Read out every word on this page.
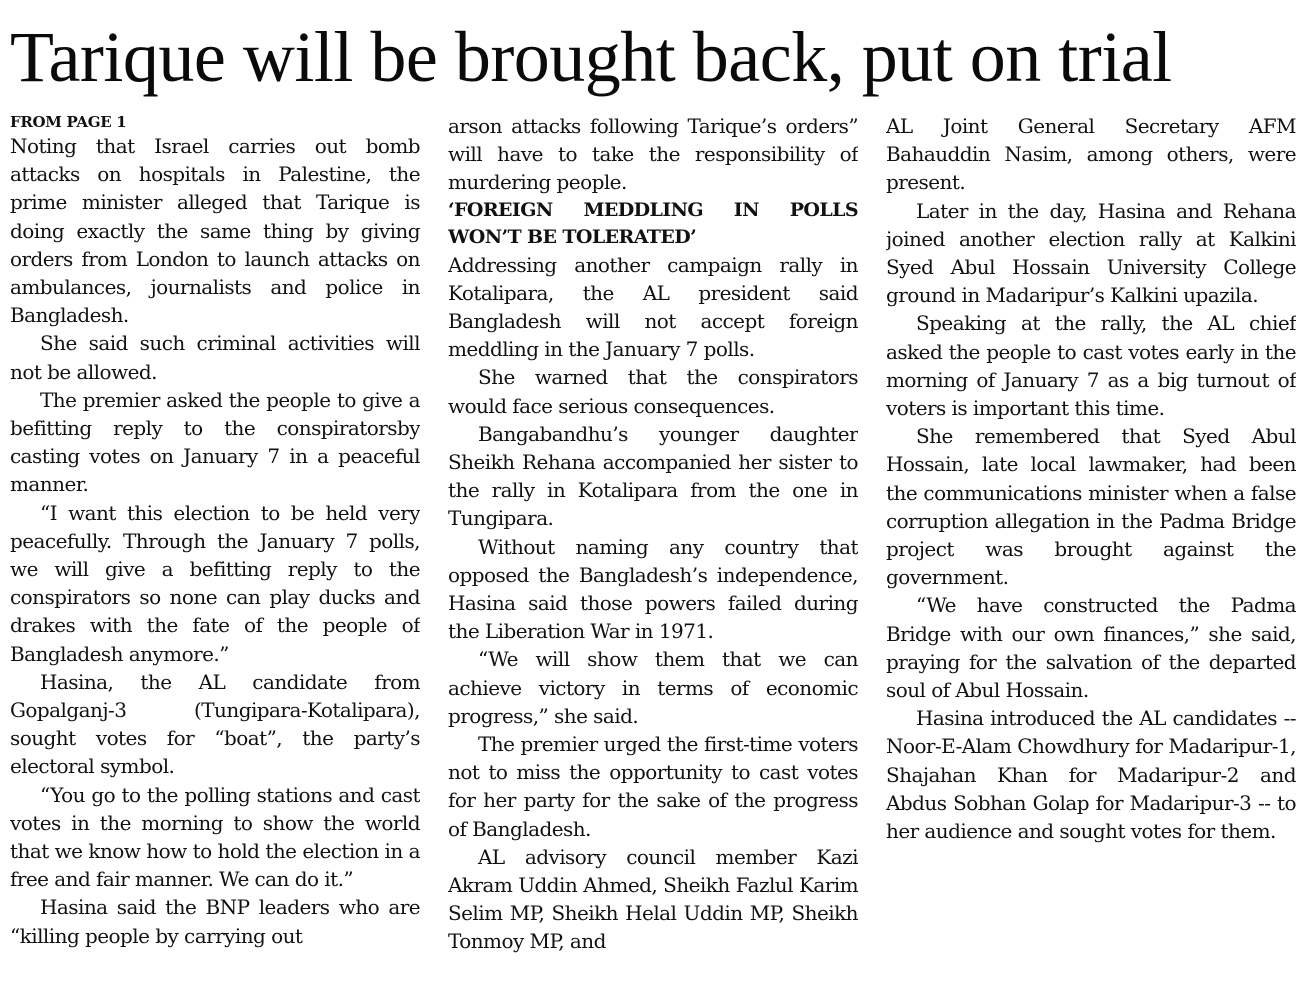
Tarique will be brought back, put on trial
FROM PAGE 1

Noting that Israel carries out bomb attacks on hospitals in Palestine, the prime minister alleged that Tarique is doing exactly the same thing by giving orders from London to launch attacks on ambulances, journalists and police in Bangladesh.

She said such criminal activities will not be allowed.

The premier asked the people to give a befitting reply to the conspiratorsby casting votes on January 7 in a peaceful manner.

“I want this election to be held very peacefully. Through the January 7 polls, we will give a befitting reply to the conspirators so none can play ducks and drakes with the fate of the people of Bangladesh anymore.”

Hasina, the AL candidate from Gopalganj-3 (Tungipara-Kotalipara), sought votes for “boat”, the party’s electoral symbol.

“You go to the polling stations and cast votes in the morning to show the world that we know how to hold the election in a free and fair manner. We can do it.”

Hasina said the BNP leaders who are “killing people by carrying out

arson attacks following Tarique’s orders” will have to take the responsibility of murdering people.

‘FOREIGN MEDDLING IN POLLS WON’T BE TOLERATED’

Addressing another campaign rally in Kotalipara, the AL president said Bangladesh will not accept foreign meddling in the January 7 polls.

She warned that the conspirators would face serious consequences.

Bangabandhu’s younger daughter Sheikh Rehana accompanied her sister to the rally in Kotalipara from the one in Tungipara.

Without naming any country that opposed the Bangladesh’s independence, Hasina said those powers failed during the Liberation War in 1971.

“We will show them that we can achieve victory in terms of economic progress,” she said.

The premier urged the first-time voters not to miss the opportunity to cast votes for her party for the sake of the progress of Bangladesh.

AL advisory council member Kazi Akram Uddin Ahmed, Sheikh Fazlul Karim Selim MP, Sheikh Helal Uddin MP, Sheikh Tonmoy MP, and

AL Joint General Secretary AFM Bahauddin Nasim, among others, were present.

Later in the day, Hasina and Rehana joined another election rally at Kalkini Syed Abul Hossain University College ground in Madaripur’s Kalkini upazila.

Speaking at the rally, the AL chief asked the people to cast votes early in the morning of January 7 as a big turnout of voters is important this time.

She remembered that Syed Abul Hossain, late local lawmaker, had been the communications minister when a false corruption allegation in the Padma Bridge project was brought against the government.

“We have constructed the Padma Bridge with our own finances,” she said, praying for the salvation of the departed soul of Abul Hossain.

Hasina introduced the AL candidates -- Noor-E-Alam Chowdhury for Madaripur-1, Shajahan Khan for Madaripur-2 and Abdus Sobhan Golap for Madaripur-3 -- to her audience and sought votes for them.
